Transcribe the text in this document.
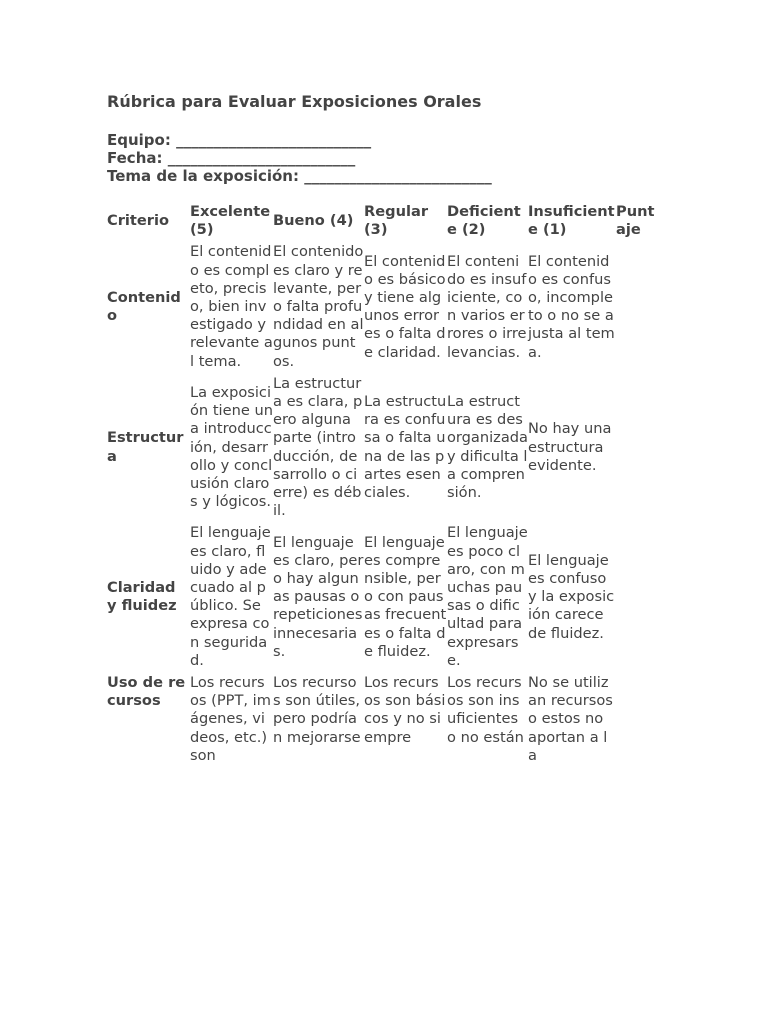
Rúbrica para Evaluar Exposiciones Orales
Equipo: __________________________
Fecha: _________________________
Tema de la exposición: _________________________
Criterio	Excelente (5)	Bueno (4)	Regular (3)	Deficiente (2)	Insuficiente (1)	Puntaje
Contenido	El contenido es completo, preciso, bien investigado y relevante al tema.	El contenido es claro y relevante, pero falta profundidad en algunos puntos.	El contenido es básico y tiene algunos errores o falta de claridad.	El contenido es insuficiente, con varios errores o irrelevancias.	El contenido es confuso, incompleto o no se ajusta al tema.	
Estructura	La exposición tiene una introducción, desarrollo y conclusión claros y lógicos.	La estructura es clara, pero alguna parte (introducción, desarrollo o cierre) es débil.	La estructura es confusa o falta una de las partes esenciales.	La estructura es desorganizada y dificulta la comprensión.	No hay una estructura evidente.	
Claridad y fluidez	El lenguaje es claro, fluido y adecuado al público. Se expresa con seguridad.	El lenguaje es claro, pero hay algunas pausas o repeticiones innecesarias.	El lenguaje es comprensible, pero con pausas frecuentes o falta de fluidez.	El lenguaje es poco claro, con muchas pausas o dificultad para expresarse.	El lenguaje es confuso y la exposición carece de fluidez.	
Uso de recursos	Los recursos (PPT, imágenes, videos, etc.) son	Los recursos son útiles, pero podrían mejorarse	Los recursos son básicos y no siempre	Los recursos son insuficientes o no están	No se utilizan recursos o estos no aportan a la	
